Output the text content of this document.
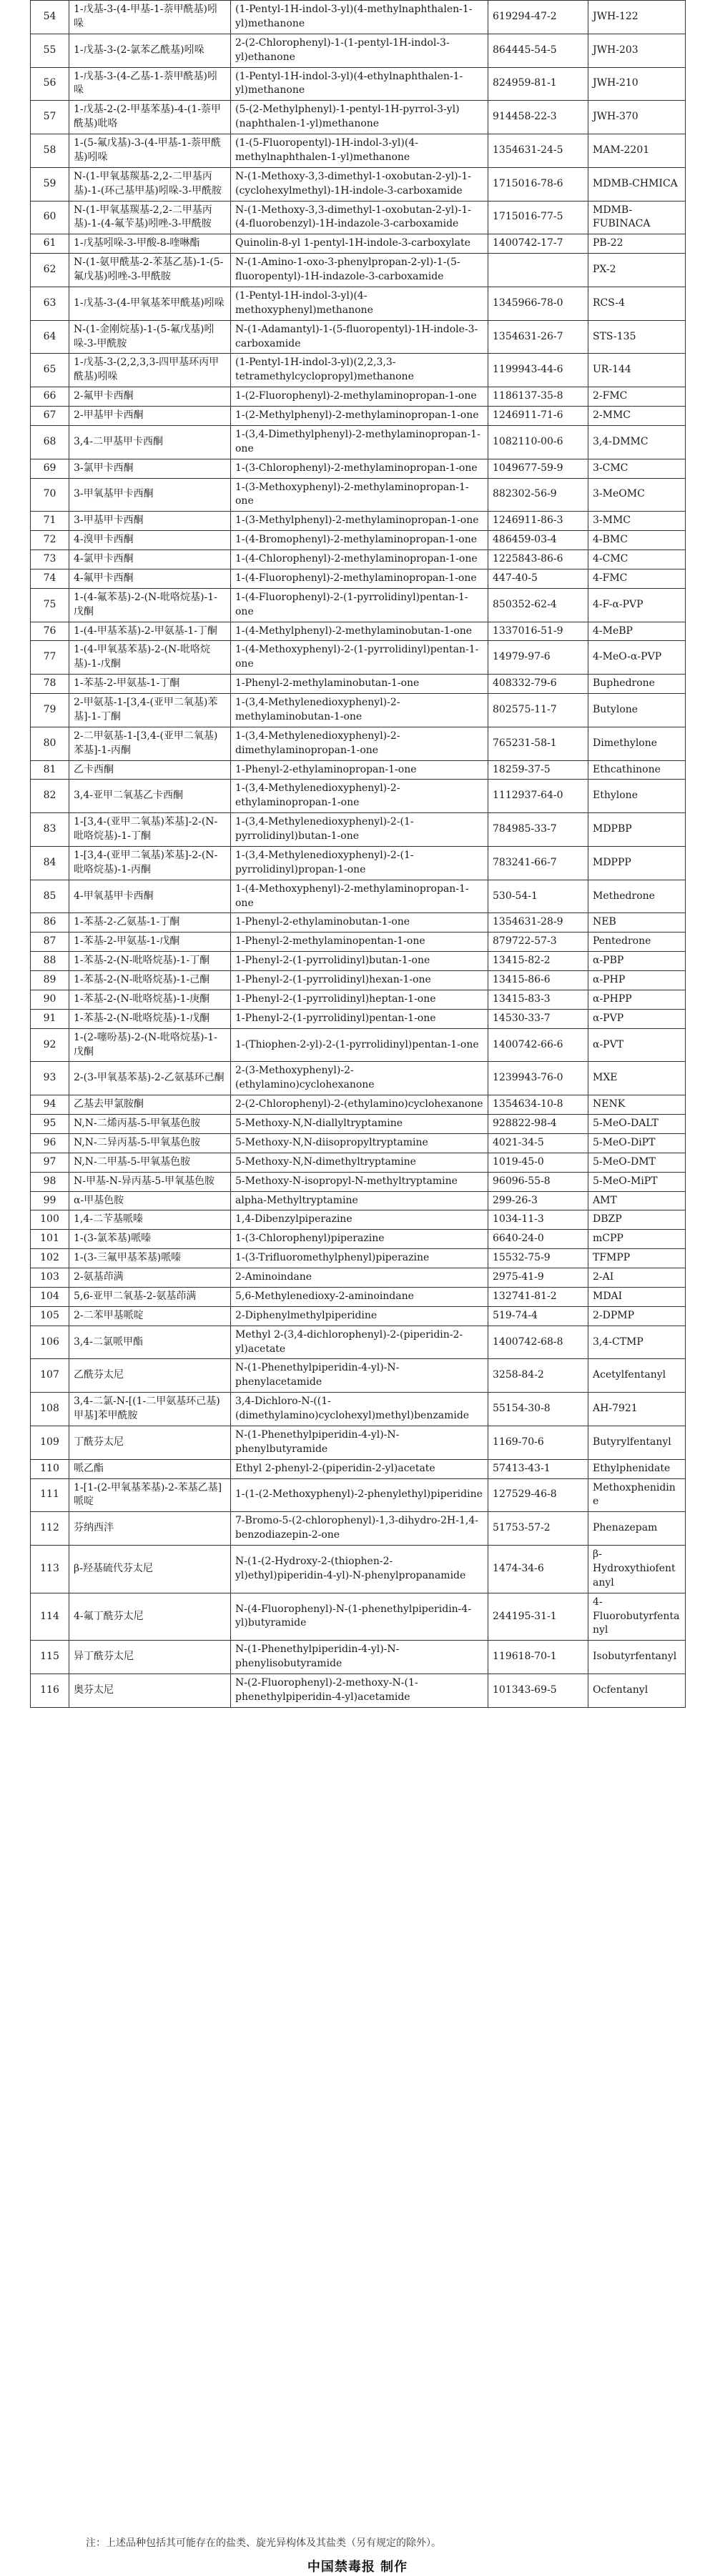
54	1-戊基-3-(4-甲基-1-萘甲酰基)吲哚	(1-Pentyl-1H-indol-3-yl)(4-methylnaphthalen-1-yl)methanone	619294-47-2	JWH-122
55	1-戊基-3-(2-氯苯乙酰基)吲哚	2-(2-Chlorophenyl)-1-(1-pentyl-1H-indol-3-yl)ethanone	864445-54-5	JWH-203
56	1-戊基-3-(4-乙基-1-萘甲酰基)吲哚	(1-Pentyl-1H-indol-3-yl)(4-ethylnaphthalen-1-yl)methanone	824959-81-1	JWH-210
57	1-戊基-2-(2-甲基苯基)-4-(1-萘甲酰基)吡咯	(5-(2-Methylphenyl)-1-pentyl-1H-pyrrol-3-yl)(naphthalen-1-yl)methanone	914458-22-3	JWH-370
58	1-(5-氟戊基)-3-(4-甲基-1-萘甲酰基)吲哚	(1-(5-Fluoropentyl)-1H-indol-3-yl)(4-methylnaphthalen-1-yl)methanone	1354631-24-5	MAM-2201
59	N-(1-甲氧基羰基-2,2-二甲基丙基)-1-(环己基甲基)吲哚-3-甲酰胺	N-(1-Methoxy-3,3-dimethyl-1-oxobutan-2-yl)-1-(cyclohexylmethyl)-1H-indole-3-carboxamide	1715016-78-6	MDMB-CHMICA
60	N-(1-甲氧基羰基-2,2-二甲基丙基)-1-(4-氟苄基)吲唑-3-甲酰胺	N-(1-Methoxy-3,3-dimethyl-1-oxobutan-2-yl)-1-(4-fluorobenzyl)-1H-indazole-3-carboxamide	1715016-77-5	MDMB-FUBINACA
61	1-戊基吲哚-3-甲酸-8-喹啉酯	Quinolin-8-yl 1-pentyl-1H-indole-3-carboxylate	1400742-17-7	PB-22
62	N-(1-氨甲酰基-2-苯基乙基)-1-(5-氟戊基)吲唑-3-甲酰胺	N-(1-Amino-1-oxo-3-phenylpropan-2-yl)-1-(5-fluoropentyl)-1H-indazole-3-carboxamide		PX-2
63	1-戊基-3-(4-甲氧基苯甲酰基)吲哚	(1-Pentyl-1H-indol-3-yl)(4-methoxyphenyl)methanone	1345966-78-0	RCS-4
64	N-(1-金刚烷基)-1-(5-氟戊基)吲哚-3-甲酰胺	N-(1-Adamantyl)-1-(5-fluoropentyl)-1H-indole-3-carboxamide	1354631-26-7	STS-135
65	1-戊基-3-(2,2,3,3-四甲基环丙甲酰基)吲哚	(1-Pentyl-1H-indol-3-yl)(2,2,3,3-tetramethylcyclopropyl)methanone	1199943-44-6	UR-144
66	2-氟甲卡西酮	1-(2-Fluorophenyl)-2-methylaminopropan-1-one	1186137-35-8	2-FMC
67	2-甲基甲卡西酮	1-(2-Methylphenyl)-2-methylaminopropan-1-one	1246911-71-6	2-MMC
68	3,4-二甲基甲卡西酮	1-(3,4-Dimethylphenyl)-2-methylaminopropan-1-one	1082110-00-6	3,4-DMMC
69	3-氯甲卡西酮	1-(3-Chlorophenyl)-2-methylaminopropan-1-one	1049677-59-9	3-CMC
70	3-甲氧基甲卡西酮	1-(3-Methoxyphenyl)-2-methylaminopropan-1-one	882302-56-9	3-MeOMC
71	3-甲基甲卡西酮	1-(3-Methylphenyl)-2-methylaminopropan-1-one	1246911-86-3	3-MMC
72	4-溴甲卡西酮	1-(4-Bromophenyl)-2-methylaminopropan-1-one	486459-03-4	4-BMC
73	4-氯甲卡西酮	1-(4-Chlorophenyl)-2-methylaminopropan-1-one	1225843-86-6	4-CMC
74	4-氟甲卡西酮	1-(4-Fluorophenyl)-2-methylaminopropan-1-one	447-40-5	4-FMC
75	1-(4-氟苯基)-2-(N-吡咯烷基)-1-戊酮	1-(4-Fluorophenyl)-2-(1-pyrrolidinyl)pentan-1-one	850352-62-4	4-F-α-PVP
76	1-(4-甲基苯基)-2-甲氨基-1-丁酮	1-(4-Methylphenyl)-2-methylaminobutan-1-one	1337016-51-9	4-MeBP
77	1-(4-甲氧基苯基)-2-(N-吡咯烷基)-1-戊酮	1-(4-Methoxyphenyl)-2-(1-pyrrolidinyl)pentan-1-one	14979-97-6	4-MeO-α-PVP
78	1-苯基-2-甲氨基-1-丁酮	1-Phenyl-2-methylaminobutan-1-one	408332-79-6	Buphedrone
79	2-甲氨基-1-[3,4-(亚甲二氧基)苯基]-1-丁酮	1-(3,4-Methylenedioxyphenyl)-2-methylaminobutan-1-one	802575-11-7	Butylone
80	2-二甲氨基-1-[3,4-(亚甲二氧基)苯基]-1-丙酮	1-(3,4-Methylenedioxyphenyl)-2-dimethylaminopropan-1-one	765231-58-1	Dimethylone
81	乙卡西酮	1-Phenyl-2-ethylaminopropan-1-one	18259-37-5	Ethcathinone
82	3,4-亚甲二氧基乙卡西酮	1-(3,4-Methylenedioxyphenyl)-2-ethylaminopropan-1-one	1112937-64-0	Ethylone
83	1-[3,4-(亚甲二氧基)苯基]-2-(N-吡咯烷基)-1-丁酮	1-(3,4-Methylenedioxyphenyl)-2-(1-pyrrolidinyl)butan-1-one	784985-33-7	MDPBP
84	1-[3,4-(亚甲二氧基)苯基]-2-(N-吡咯烷基)-1-丙酮	1-(3,4-Methylenedioxyphenyl)-2-(1-pyrrolidinyl)propan-1-one	783241-66-7	MDPPP
85	4-甲氧基甲卡西酮	1-(4-Methoxyphenyl)-2-methylaminopropan-1-one	530-54-1	Methedrone
86	1-苯基-2-乙氨基-1-丁酮	1-Phenyl-2-ethylaminobutan-1-one	1354631-28-9	NEB
87	1-苯基-2-甲氨基-1-戊酮	1-Phenyl-2-methylaminopentan-1-one	879722-57-3	Pentedrone
88	1-苯基-2-(N-吡咯烷基)-1-丁酮	1-Phenyl-2-(1-pyrrolidinyl)butan-1-one	13415-82-2	α-PBP
89	1-苯基-2-(N-吡咯烷基)-1-己酮	1-Phenyl-2-(1-pyrrolidinyl)hexan-1-one	13415-86-6	α-PHP
90	1-苯基-2-(N-吡咯烷基)-1-庚酮	1-Phenyl-2-(1-pyrrolidinyl)heptan-1-one	13415-83-3	α-PHPP
91	1-苯基-2-(N-吡咯烷基)-1-戊酮	1-Phenyl-2-(1-pyrrolidinyl)pentan-1-one	14530-33-7	α-PVP
92	1-(2-噻吩基)-2-(N-吡咯烷基)-1-戊酮	1-(Thiophen-2-yl)-2-(1-pyrrolidinyl)pentan-1-one	1400742-66-6	α-PVT
93	2-(3-甲氧基苯基)-2-乙氨基环己酮	2-(3-Methoxyphenyl)-2-(ethylamino)cyclohexanone	1239943-76-0	MXE
94	乙基去甲氯胺酮	2-(2-Chlorophenyl)-2-(ethylamino)cyclohexanone	1354634-10-8	NENK
95	N,N-二烯丙基-5-甲氧基色胺	5-Methoxy-N,N-diallyltryptamine	928822-98-4	5-MeO-DALT
96	N,N-二异丙基-5-甲氧基色胺	5-Methoxy-N,N-diisopropyltryptamine	4021-34-5	5-MeO-DiPT
97	N,N-二甲基-5-甲氧基色胺	5-Methoxy-N,N-dimethyltryptamine	1019-45-0	5-MeO-DMT
98	N-甲基-N-异丙基-5-甲氧基色胺	5-Methoxy-N-isopropyl-N-methyltryptamine	96096-55-8	5-MeO-MiPT
99	α-甲基色胺	alpha-Methyltryptamine	299-26-3	AMT
100	1,4-二苄基哌嗪	1,4-Dibenzylpiperazine	1034-11-3	DBZP
101	1-(3-氯苯基)哌嗪	1-(3-Chlorophenyl)piperazine	6640-24-0	mCPP
102	1-(3-三氟甲基苯基)哌嗪	1-(3-Trifluoromethylphenyl)piperazine	15532-75-9	TFMPP
103	2-氨基茚满	2-Aminoindane	2975-41-9	2-AI
104	5,6-亚甲二氧基-2-氨基茚满	5,6-Methylenedioxy-2-aminoindane	132741-81-2	MDAI
105	2-二苯甲基哌啶	2-Diphenylmethylpiperidine	519-74-4	2-DPMP
106	3,4-二氯哌甲酯	Methyl 2-(3,4-dichlorophenyl)-2-(piperidin-2-yl)acetate	1400742-68-8	3,4-CTMP
107	乙酰芬太尼	N-(1-Phenethylpiperidin-4-yl)-N-phenylacetamide	3258-84-2	Acetylfentanyl
108	3,4-二氯-N-[(1-二甲氨基环己基)甲基]苯甲酰胺	3,4-Dichloro-N-((1-(dimethylamino)cyclohexyl)methyl)benzamide	55154-30-8	AH-7921
109	丁酰芬太尼	N-(1-Phenethylpiperidin-4-yl)-N-phenylbutyramide	1169-70-6	Butyrylfentanyl
110	哌乙酯	Ethyl 2-phenyl-2-(piperidin-2-yl)acetate	57413-43-1	Ethylphenidate
111	1-[1-(2-甲氧基苯基)-2-苯基乙基]哌啶	1-(1-(2-Methoxyphenyl)-2-phenylethyl)piperidine	127529-46-8	Methoxphenidine
112	芬纳西泮	7-Bromo-5-(2-chlorophenyl)-1,3-dihydro-2H-1,4-benzodiazepin-2-one	51753-57-2	Phenazepam
113	β-羟基硫代芬太尼	N-(1-(2-Hydroxy-2-(thiophen-2-yl)ethyl)piperidin-4-yl)-N-phenylpropanamide	1474-34-6	β-Hydroxythiofentanyl
114	4-氟丁酰芬太尼	N-(4-Fluorophenyl)-N-(1-phenethylpiperidin-4-yl)butyramide	244195-31-1	4-Fluorobutyrfentanyl
115	异丁酰芬太尼	N-(1-Phenethylpiperidin-4-yl)-N-phenylisobutyramide	119618-70-1	Isobutyrfentanyl
116	奥芬太尼	N-(2-Fluorophenyl)-2-methoxy-N-(1-phenethylpiperidin-4-yl)acetamide	101343-69-5	Ocfentanyl
注：上述品种包括其可能存在的盐类、旋光异构体及其盐类（另有规定的除外）。
中国禁毒报 制作
